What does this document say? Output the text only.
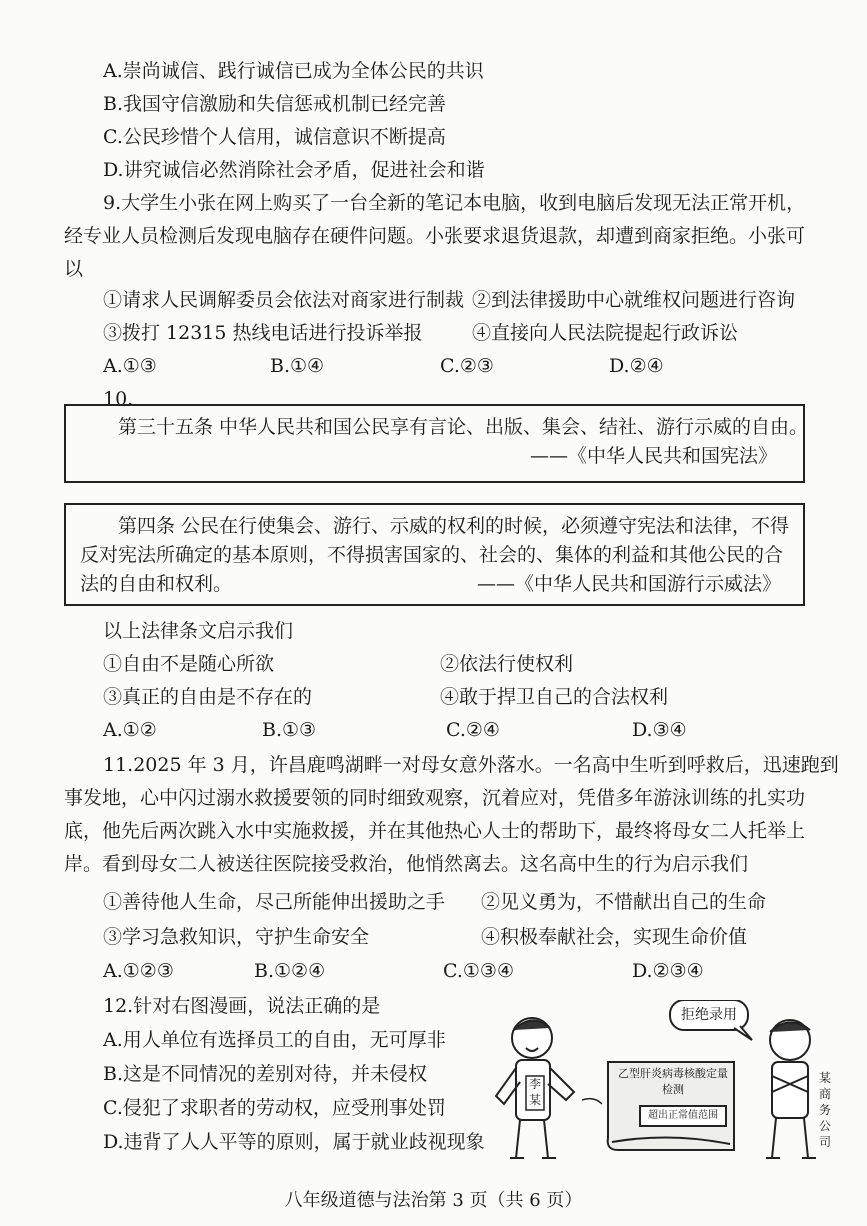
A.崇尚诚信、践行诚信已成为全体公民的共识
B.我国守信激励和失信惩戒机制已经完善
C.公民珍惜个人信用，诚信意识不断提高
D.讲究诚信必然消除社会矛盾，促进社会和谐
9.大学生小张在网上购买了一台全新的笔记本电脑，收到电脑后发现无法正常开机，
经专业人员检测后发现电脑存在硬件问题。小张要求退货退款，却遭到商家拒绝。小张可
以
①请求人民调解委员会依法对商家进行制裁 ②到法律援助中心就维权问题进行咨询
③拨打 12315 热线电话进行投诉举报	④直接向人民法院提起行政诉讼
A.①③	B.①④	C.②③	D.②④
10.
第三十五条 中华人民共和国公民享有言论、出版、集会、结社、游行示威的自由。
——《中华人民共和国宪法》
第四条 公民在行使集会、游行、示威的权利的时候，必须遵守宪法和法律，不得
反对宪法所确定的基本原则，不得损害国家的、社会的、集体的利益和其他公民的合
法的自由和权利。	——《中华人民共和国游行示威法》
以上法律条文启示我们
①自由不是随心所欲	②依法行使权利
③真正的自由是不存在的	④敢于捍卫自己的合法权利
A.①②	B.①③	C.②④	D.③④
11.2025 年 3 月，许昌鹿鸣湖畔一对母女意外落水。一名高中生听到呼救后，迅速跑到
事发地，心中闪过溺水救援要领的同时细致观察，沉着应对，凭借多年游泳训练的扎实功
底，他先后两次跳入水中实施救援，并在其他热心人士的帮助下，最终将母女二人托举上
岸。看到母女二人被送往医院接受救治，他悄然离去。这名高中生的行为启示我们
①善待他人生命，尽己所能伸出援助之手 ②见义勇为，不惜献出自己的生命
③学习急救知识，守护生命安全	④积极奉献社会，实现生命价值
A.①②③	B.①②④	C.①③④	D.②③④
12.针对右图漫画，说法正确的是
A.用人单位有选择员工的自由，无可厚非
B.这是不同情况的差别对待，并未侵权
C.侵犯了求职者的劳动权，应受刑事处罚
D.违背了人人平等的原则，属于就业歧视现象
拒绝录用
李某
乙型肝炎病毒核酸定量检测
超出正常值范围
某商务公司
八年级道德与法治第 3 页（共 6 页）
